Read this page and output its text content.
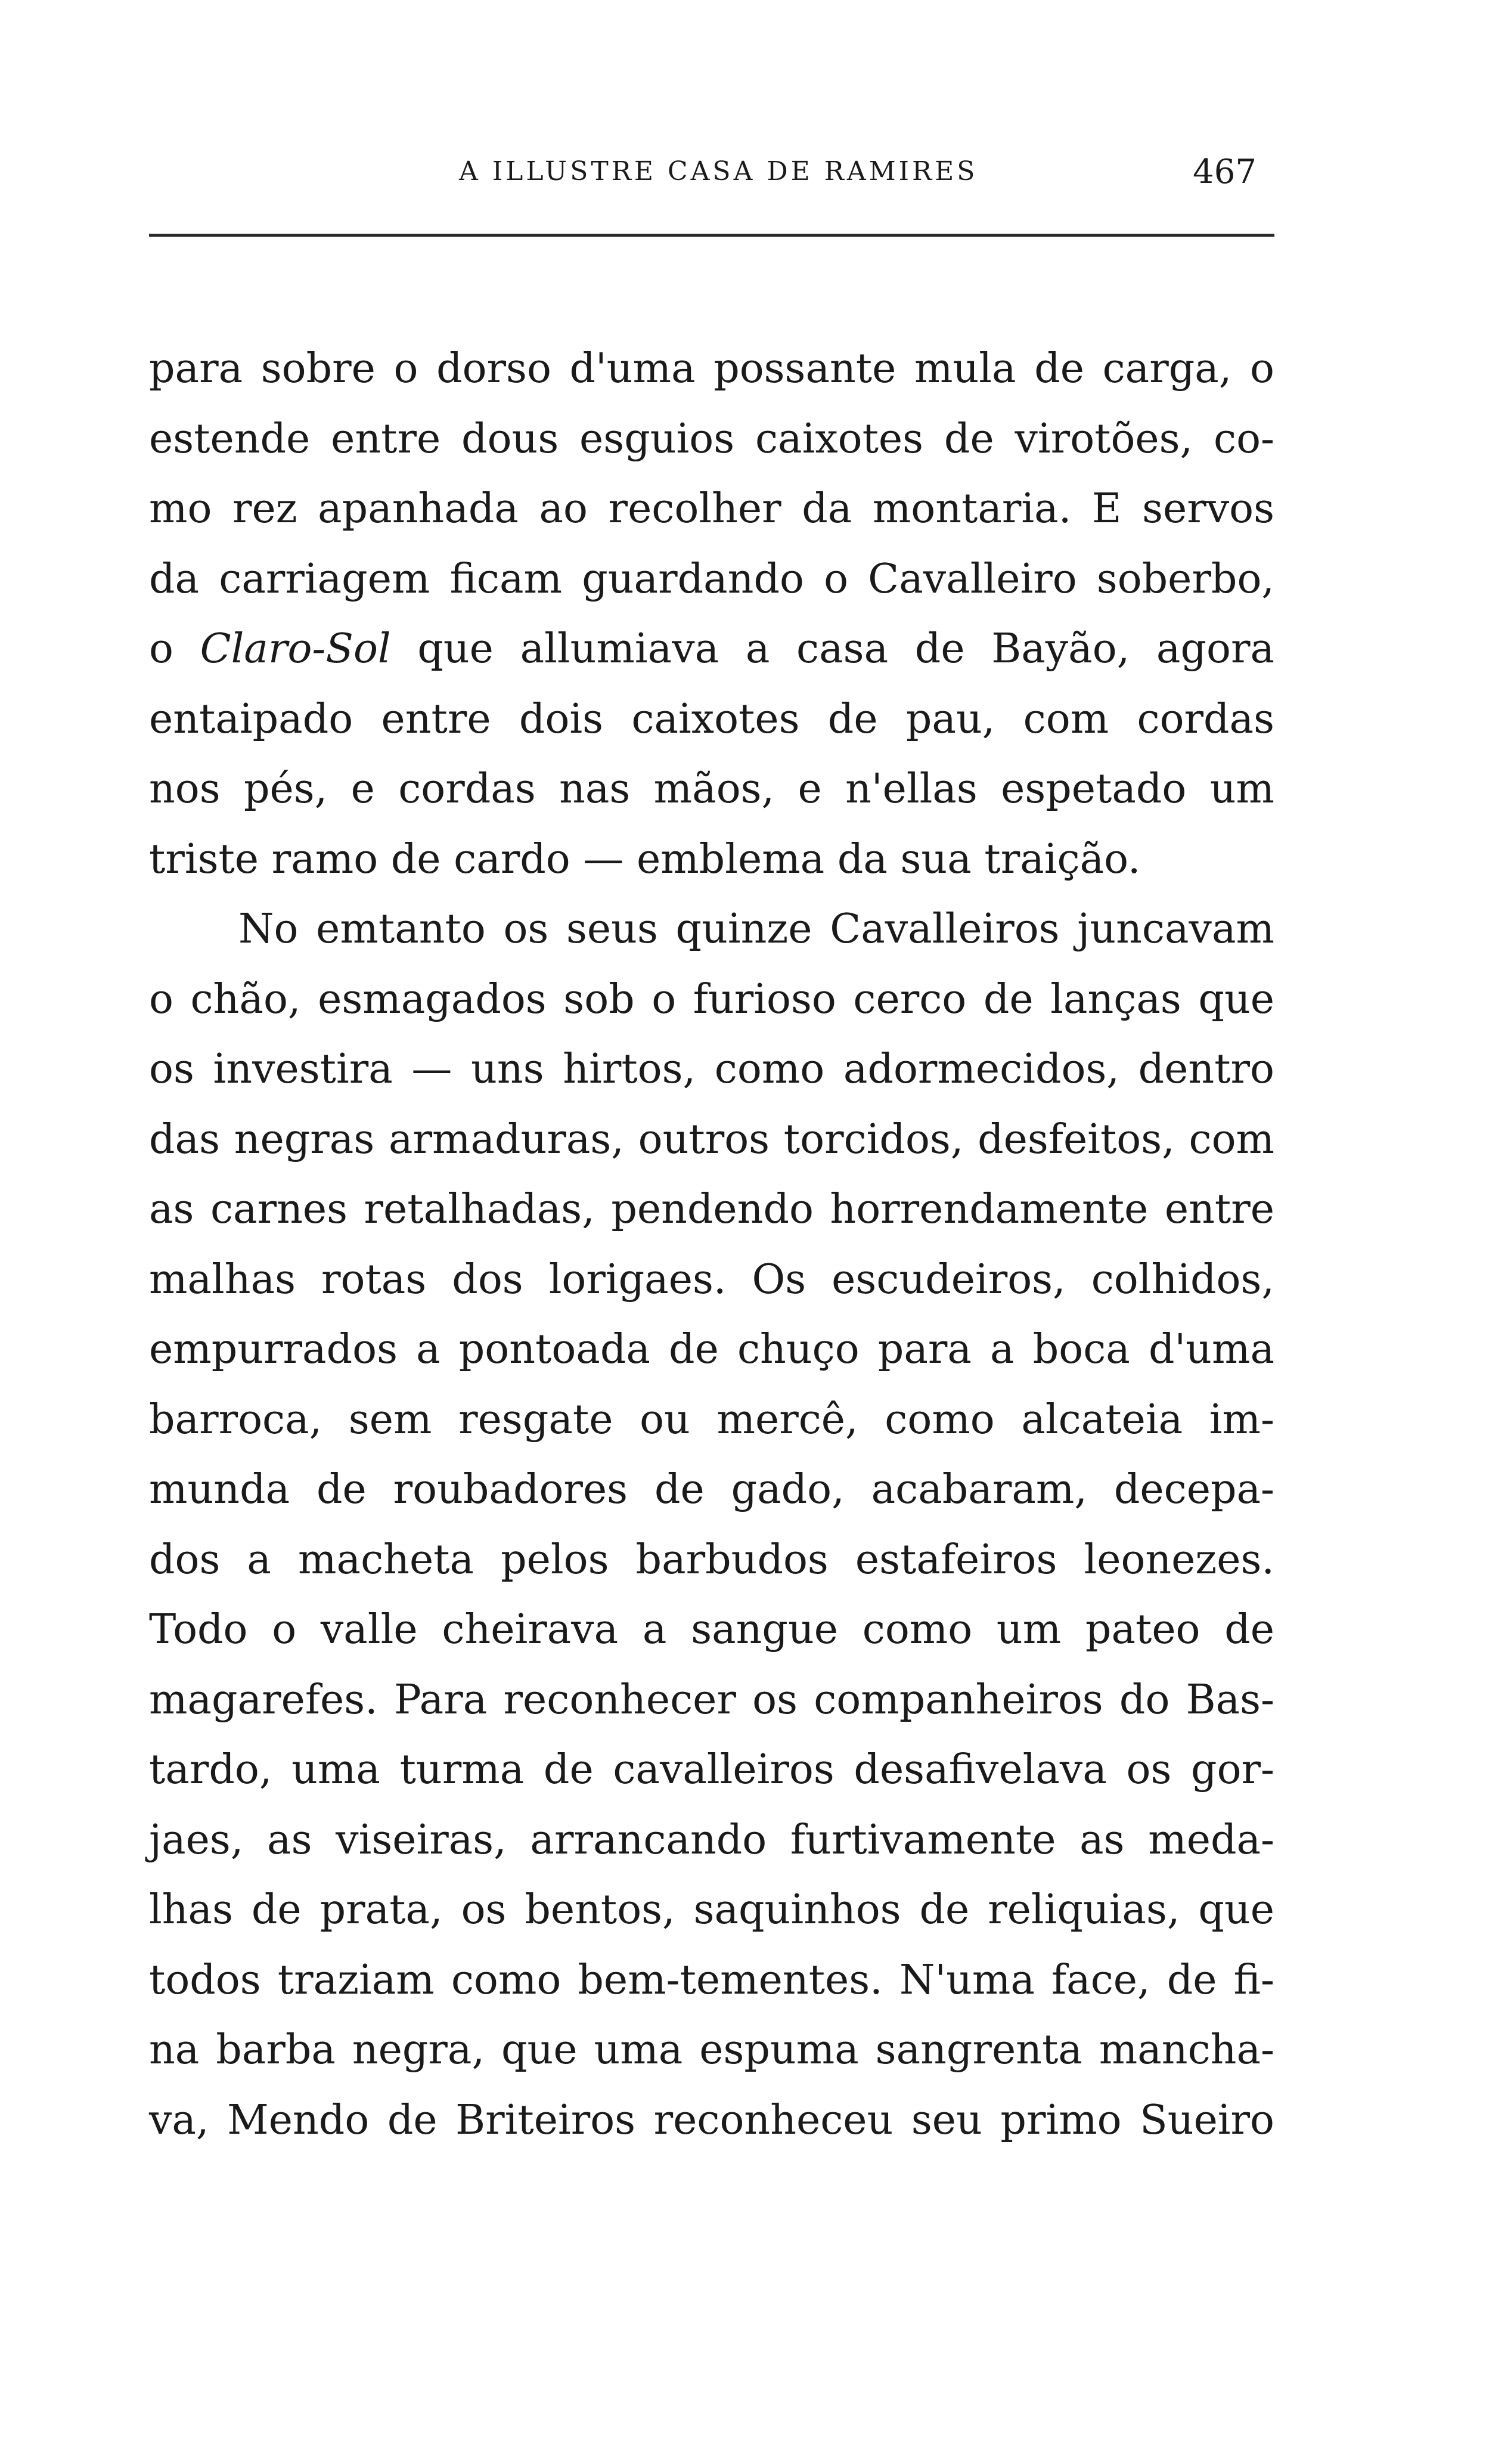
A ILLUSTRE CASA DE RAMIRES	467
para sobre o dorso d'uma possante mula de carga, o
estende entre dous esguios caixotes de virotões, co-
mo rez apanhada ao recolher da montaria. E servos
da carriagem ficam guardando o Cavalleiro soberbo,
o Claro-Sol que allumiava a casa de Bayão, agora
entaipado entre dois caixotes de pau, com cordas
nos pés, e cordas nas mãos, e n'ellas espetado um
triste ramo de cardo — emblema da sua traição.
No emtanto os seus quinze Cavalleiros juncavam
o chão, esmagados sob o furioso cerco de lanças que
os investira — uns hirtos, como adormecidos, dentro
das negras armaduras, outros torcidos, desfeitos, com
as carnes retalhadas, pendendo horrendamente entre
malhas rotas dos lorigaes. Os escudeiros, colhidos,
empurrados a pontoada de chuço para a boca d'uma
barroca, sem resgate ou mercê, como alcateia im-
munda de roubadores de gado, acabaram, decepa-
dos a macheta pelos barbudos estafeiros leonezes.
Todo o valle cheirava a sangue como um pateo de
magarefes. Para reconhecer os companheiros do Bas-
tardo, uma turma de cavalleiros desafivelava os gor-
jaes, as viseiras, arrancando furtivamente as meda-
lhas de prata, os bentos, saquinhos de reliquias, que
todos traziam como bem-tementes. N'uma face, de fi-
na barba negra, que uma espuma sangrenta mancha-
va, Mendo de Briteiros reconheceu seu primo Sueiro
